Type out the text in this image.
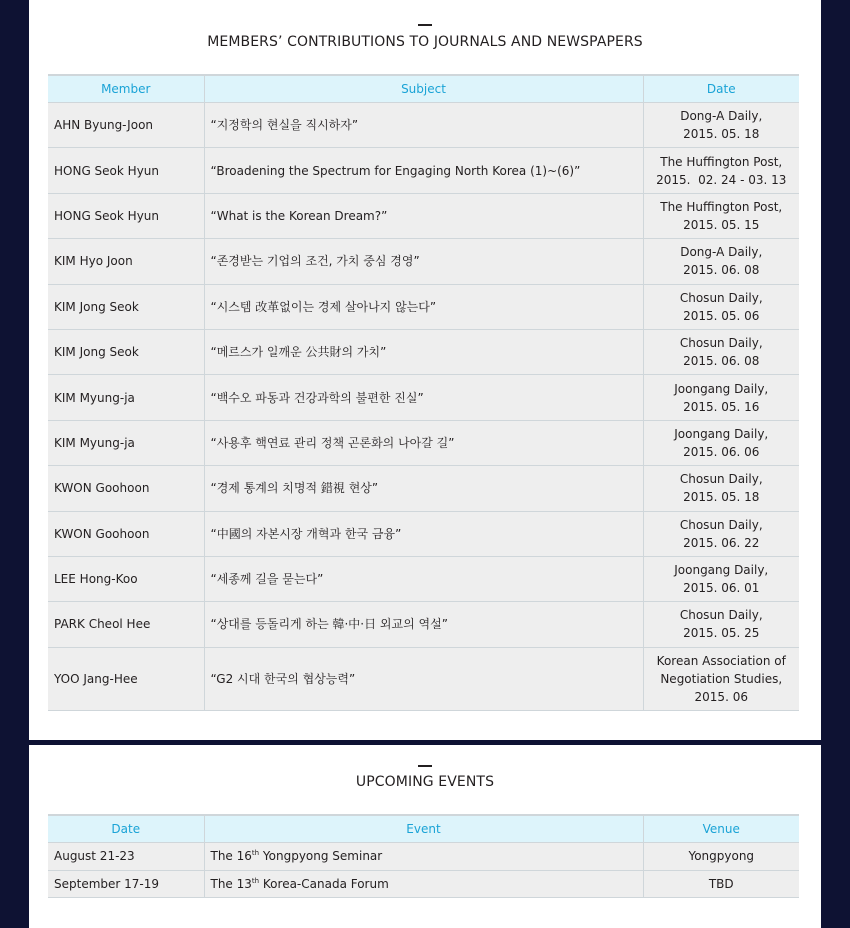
MEMBERS’ CONTRIBUTIONS TO JOURNALS AND NEWSPAPERS
Member	Subject	Date
AHN Byung-Joon	“지정학의 현실을 직시하자”	Dong-A Daily,
2015. 05. 18

HONG Seok Hyun	“Broadening the Spectrum for Engaging North Korea (1)~(6)”	The Huffington Post,
2015.  02. 24 - 03. 13

HONG Seok Hyun	“What is the Korean Dream?”	The Huffington Post,
2015. 05. 15

KIM Hyo Joon	“존경받는 기업의 조건, 가치 중심 경영”	Dong-A Daily,
2015. 06. 08

KIM Jong Seok	“시스템 改革없이는 경제 살아나지 않는다”	Chosun Daily,
2015. 05. 06

KIM Jong Seok	“메르스가 일깨운 公共財의 가치”	Chosun Daily,
2015. 06. 08

KIM Myung-ja	“백수오 파동과 건강과학의 불편한 진실”	Joongang Daily,
2015. 05. 16

KIM Myung-ja	“사용후 핵연료 관리 정책 곤론화의 나아갈 길”	Joongang Daily,
2015. 06. 06

KWON Goohoon	“경제 통계의 치명적 錯視 현상”	Chosun Daily,
2015. 05. 18

KWON Goohoon	“中國의 자본시장 개혁과 한국 금융”	Chosun Daily,
2015. 06. 22

LEE Hong-Koo	“세종께 길을 묻는다”	Joongang Daily,
2015. 06. 01

PARK Cheol Hee	“상대를 등돌리게 하는 韓·中·日 외교의 역설”	Chosun Daily,
2015. 05. 25

YOO Jang-Hee	“G2 시대 한국의 협상능력”	Korean Association of
Negotiation Studies,
2015. 06
UPCOMING EVENTS
Date	Event	Venue
August 21-23	The 16th Yongpyong Seminar	Yongpyong
September 17-19	The 13th Korea-Canada Forum	TBD
